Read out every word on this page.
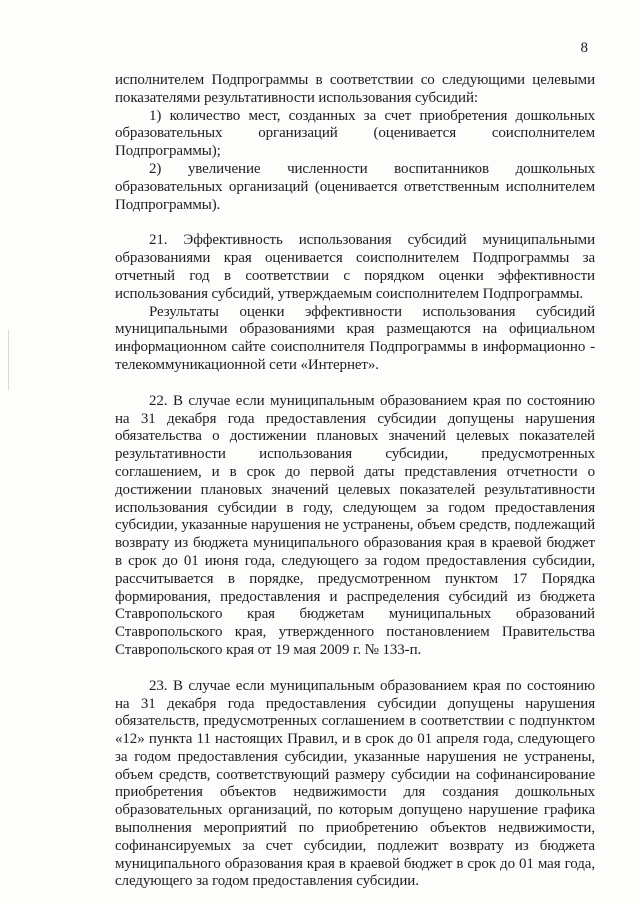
8

исполнителем Подпрограммы в соответствии со следующими целевыми показателями результативности использования субсидий:

1) количество мест, созданных за счет приобретения дошкольных образовательных организаций (оценивается соисполнителем Подпрограммы);

2) увеличение численности воспитанников дошкольных образовательных организаций (оценивается ответственным исполнителем Подпрограммы).

21. Эффективность использования субсидий муниципальными образованиями края оценивается соисполнителем Подпрограммы за отчетный год в соответствии с порядком оценки эффективности использования субсидий, утверждаемым соисполнителем Подпрограммы.

Результаты оценки эффективности использования субсидий муниципальными образованиями края размещаются на официальном информационном сайте соисполнителя Подпрограммы в информационно - телекоммуникационной сети «Интернет».

22. В случае если муниципальным образованием края по состоянию на 31 декабря года предоставления субсидии допущены нарушения обязательства о достижении плановых значений целевых показателей результативности использования субсидии, предусмотренных соглашением, и в срок до первой даты представления отчетности о достижении плановых значений целевых показателей результативности использования субсидии в году, следующем за годом предоставления субсидии, указанные нарушения не устранены, объем средств, подлежащий возврату из бюджета муниципального образования края в краевой бюджет в срок до 01 июня года, следующего за годом предоставления субсидии, рассчитывается в порядке, предусмотренном пунктом 17 Порядка формирования, предоставления и распределения субсидий из бюджета Ставропольского края бюджетам муниципальных образований Ставропольского края, утвержденного постановлением Правительства Ставропольского края от 19 мая 2009 г. № 133-п.

23. В случае если муниципальным образованием края по состоянию на 31 декабря года предоставления субсидии допущены нарушения обязательств, предусмотренных соглашением в соответствии с подпунктом «12» пункта 11 настоящих Правил, и в срок до 01 апреля года, следующего за годом предоставления субсидии, указанные нарушения не устранены, объем средств, соответствующий размеру субсидии на софинансирование приобретения объектов недвижимости для создания дошкольных образовательных организаций, по которым допущено нарушение графика выполнения мероприятий по приобретению объектов недвижимости, софинансируемых за счет субсидии, подлежит возврату из бюджета муниципального образования края в краевой бюджет в срок до 01 мая года, следующего за годом предоставления субсидии.
